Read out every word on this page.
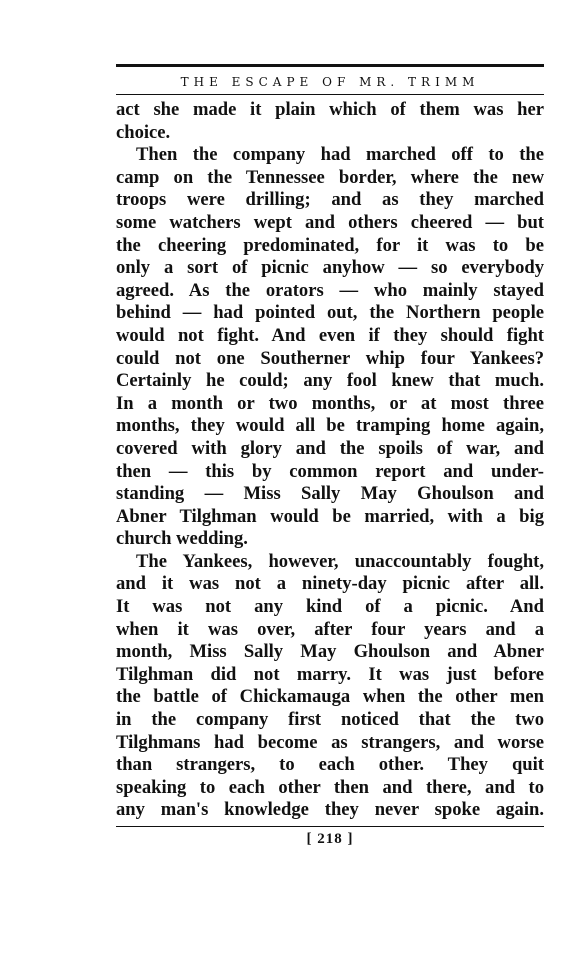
THE ESCAPE OF MR. TRIMM
act she made it plain which of them was her
choice.
Then the company had marched off to the
camp on the Tennessee border, where the new
troops were drilling; and as they marched
some watchers wept and others cheered — but
the cheering predominated, for it was to be
only a sort of picnic anyhow — so everybody
agreed. As the orators — who mainly stayed
behind — had pointed out, the Northern people
would not fight. And even if they should fight
could not one Southerner whip four Yankees?
Certainly he could; any fool knew that much.
In a month or two months, or at most three
months, they would all be tramping home again,
covered with glory and the spoils of war, and
then — this by common report and under-
standing — Miss Sally May Ghoulson and
Abner Tilghman would be married, with a big
church wedding.
The Yankees, however, unaccountably fought,
and it was not a ninety-day picnic after all.
It was not any kind of a picnic. And
when it was over, after four years and a
month, Miss Sally May Ghoulson and Abner
Tilghman did not marry. It was just before
the battle of Chickamauga when the other men
in the company first noticed that the two
Tilghmans had become as strangers, and worse
than strangers, to each other. They quit
speaking to each other then and there, and to
any man's knowledge they never spoke again.
[ 218 ]
